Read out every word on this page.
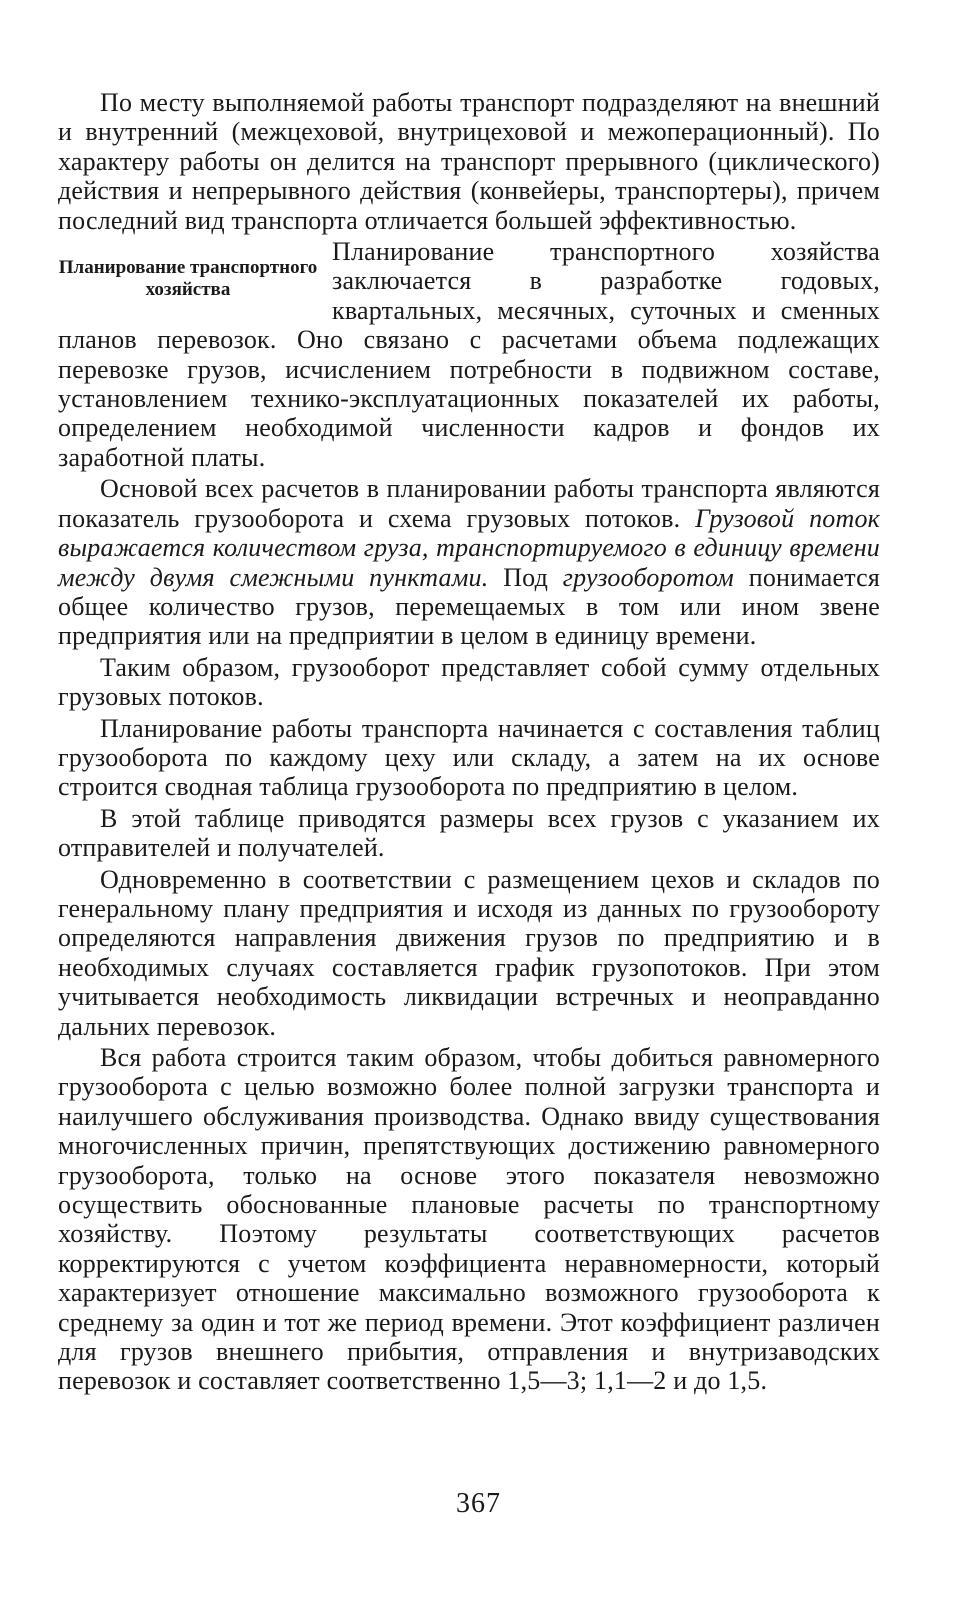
По месту выполняемой работы транспорт подразделяют на внешний и внутренний (межцеховой, внутрицеховой и межоперационный). По характеру работы он делится на транспорт прерывного (циклического) действия и непрерывного действия (конвейеры, транспортеры), причем последний вид транспорта отличается большей эффективностью.

Планирование транспортного хозяйства

Планирование транспортного хозяйства заключается в разработке годовых, квартальных, месячных, суточных и сменных планов перевозок. Оно связано с расчетами объема подлежащих перевозке грузов, исчислением потребности в подвижном составе, установлением технико-эксплуатационных показателей их работы, определением необходимой численности кадров и фондов их заработной платы.

Основой всех расчетов в планировании работы транспорта являются показатель грузооборота и схема грузовых потоков. Грузовой поток выражается количеством груза, транспортируемого в единицу времени между двумя смежными пунктами. Под грузооборотом понимается общее количество грузов, перемещаемых в том или ином звене предприятия или на предприятии в целом в единицу времени.

Таким образом, грузооборот представляет собой сумму отдельных грузовых потоков.

Планирование работы транспорта начинается с составления таблиц грузооборота по каждому цеху или складу, а затем на их основе строится сводная таблица грузооборота по предприятию в целом.

В этой таблице приводятся размеры всех грузов с указанием их отправителей и получателей.

Одновременно в соответствии с размещением цехов и складов по генеральному плану предприятия и исходя из данных по грузообороту определяются направления движения грузов по предприятию и в необходимых случаях составляется график грузопотоков. При этом учитывается необходимость ликвидации встречных и неоправданно дальних перевозок.

Вся работа строится таким образом, чтобы добиться равномерного грузооборота с целью возможно более полной загрузки транспорта и наилучшего обслуживания производства. Однако ввиду существования многочисленных причин, препятствующих достижению равномерного грузооборота, только на основе этого показателя невозможно осуществить обоснованные плановые расчеты по транспортному хозяйству. Поэтому результаты соответствующих расчетов корректируются с учетом коэффициента неравномерности, который характеризует отношение максимально возможного грузооборота к среднему за один и тот же период времени. Этот коэффициент различен для грузов внешнего прибытия, отправления и внутризаводских перевозок и составляет соответственно 1,5—3; 1,1—2 и до 1,5.

367
